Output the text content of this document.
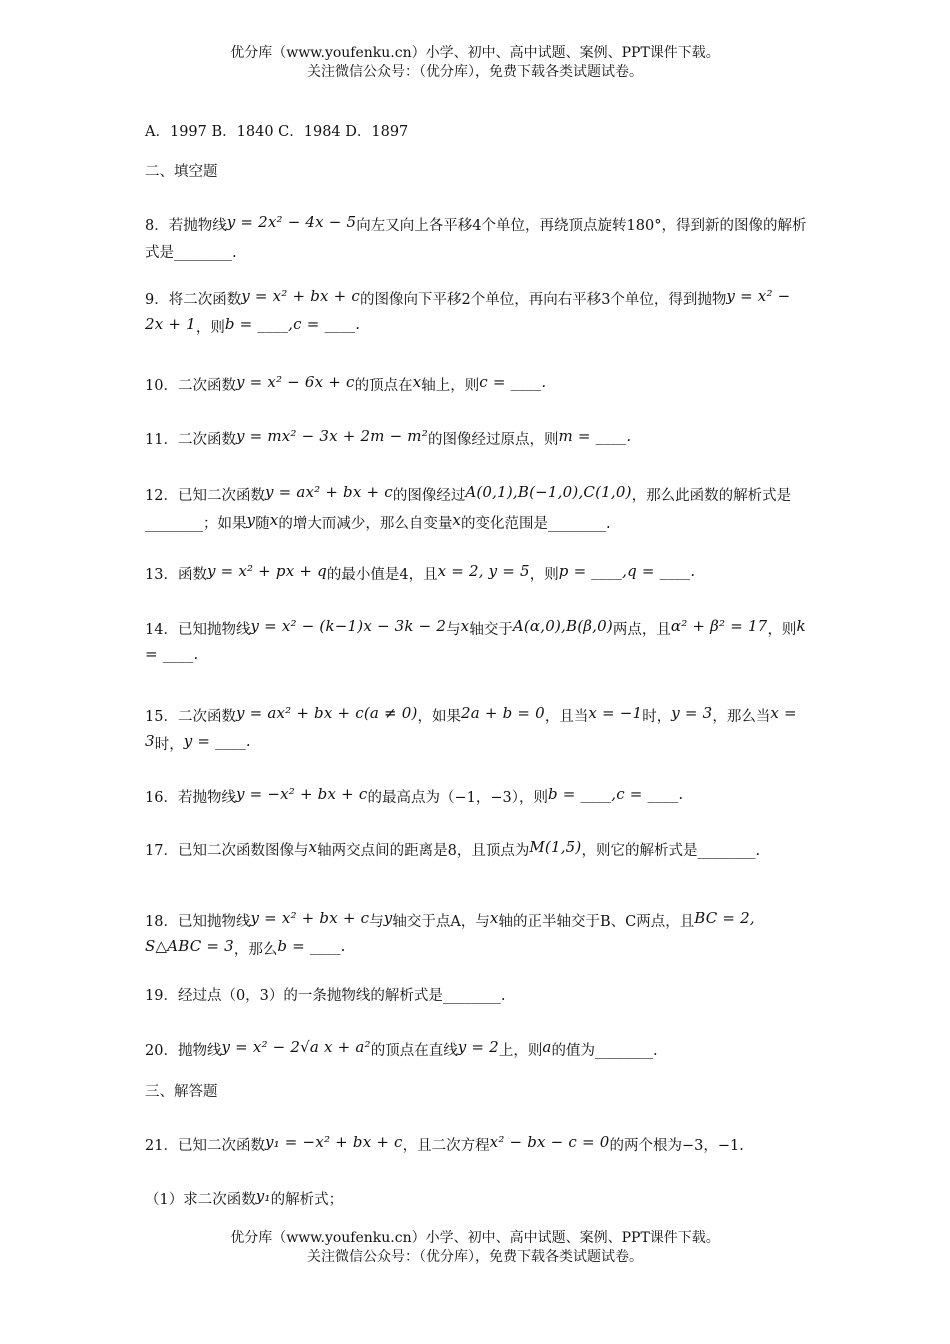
优分库（www.youfenku.cn）小学、初中、高中试题、案例、PPT课件下载。
关注微信公众号：（优分库），免费下载各类试题试卷。
A．1997 B．1840 C．1984 D．1897
二、填空题
8．若抛物线y = 2x² − 4x − 5向左又向上各平移4个单位，再绕顶点旋转180°，得到新的图像的解析式是________.
9．将二次函数y = x² + bx + c的图像向下平移2个单位，再向右平移3个单位，得到抛物y = x² − 2x + 1，则b = ____,c = ____.
10．二次函数y = x² − 6x + c的顶点在x轴上，则c = ____.
11．二次函数y = mx² − 3x + 2m − m²的图像经过原点，则m = ____.
12．已知二次函数y = ax² + bx + c的图像经过A(0,1),B(−1,0),C(1,0)，那么此函数的解析式是________；如果y随x的增大而减少，那么自变量x的变化范围是________.
13．函数y = x² + px + q的最小值是4，且x = 2, y = 5，则p = ____,q = ____.
14．已知抛物线y = x² − (k−1)x − 3k − 2与x轴交于A(α,0),B(β,0)两点，且α² + β² = 17，则k = ____.
15．二次函数y = ax² + bx + c(a ≠ 0)，如果2a + b = 0，且当x = −1时，y = 3，那么当x = 3时，y = ____.
16．若抛物线y = −x² + bx + c的最高点为（−1，−3），则b = ____,c = ____.
17．已知二次函数图像与x轴两交点间的距离是8，且顶点为M(1,5)，则它的解析式是________.
18．已知抛物线y = x² + bx + c与y轴交于点A，与x轴的正半轴交于B、C两点，且BC = 2, S△ABC = 3，那么b = ____.
19．经过点（0，3）的一条抛物线的解析式是________.
20．抛物线y = x² − 2√a x + a²的顶点在直线y = 2上，则a的值为________.
三、解答题
21．已知二次函数y₁ = −x² + bx + c，且二次方程x² − bx − c = 0的两个根为−3，−1.
（1）求二次函数y₁的解析式；
优分库（www.youfenku.cn）小学、初中、高中试题、案例、PPT课件下载。
关注微信公众号：（优分库），免费下载各类试题试卷。
